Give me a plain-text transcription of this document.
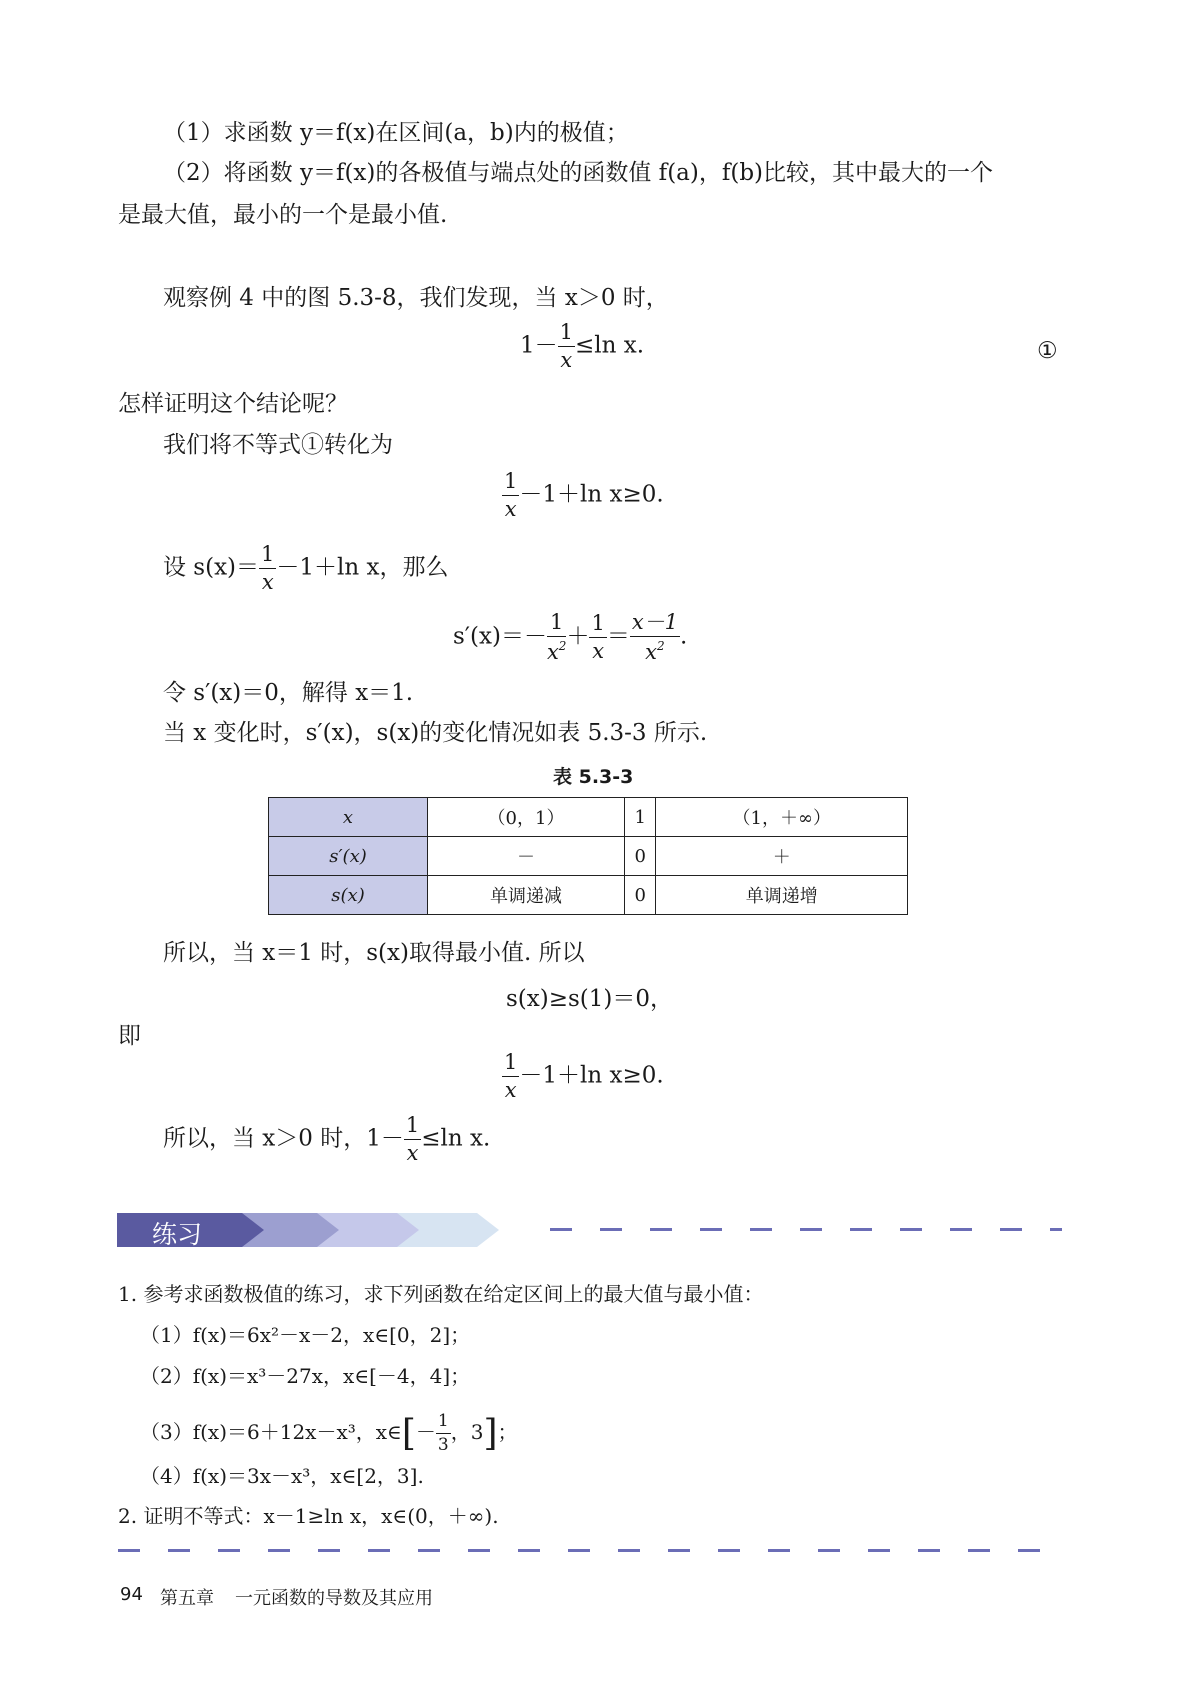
（1）求函数 y＝f(x)在区间(a，b)内的极值；
（2）将函数 y＝f(x)的各极值与端点处的函数值 f(a)，f(b)比较，其中最大的一个
是最大值，最小的一个是最小值.
观察例 4 中的图 5.3-8，我们发现，当 x＞0 时，
$1- \frac{1}{x} \le\ln$ x.	①
怎样证明这个结论呢？
我们将不等式①转化为
$\frac{1}{x} -1+\ln$ x≥0.
设 $s(x)= \frac{1}{x} -1+\ln$ x，那么
$s'(x)=- \frac{1}{x^2} + \frac{1}{x} = \frac{x-1}{x^2}$ .
令 s′(x)＝0，解得 x＝1.
当 x 变化时，s′(x)，s(x)的变化情况如表 5.3-3 所示.
表 5.3-3
x	（0，1）	1	（1，＋∞）
s′(x)	－	0	＋
s(x)	单调递减	0	单调递增
所以，当 x＝1 时，s(x)取得最小值. 所以
s(x)≥s(1)＝0，
即
$\frac{1}{x} -1+\ln$ x≥0.
所以，当 x＞0 时，$1- \frac{1}{x} \le\ln$ x.
练习
1. 参考求函数极值的练习，求下列函数在给定区间上的最大值与最小值：
（1）f(x)＝6x²－x－2，x∈[0，2]；
（2）f(x)＝x³－27x，x∈[－4，4]；
（3）f(x)＝6＋12x－x³，x∈[－ $\frac{1}{3}$ ，3]；
（4）f(x)＝3x－x³，x∈[2，3].
2. 证明不等式：x－1≥ln x，x∈(0，＋∞).
94 第五章 一元函数的导数及其应用
